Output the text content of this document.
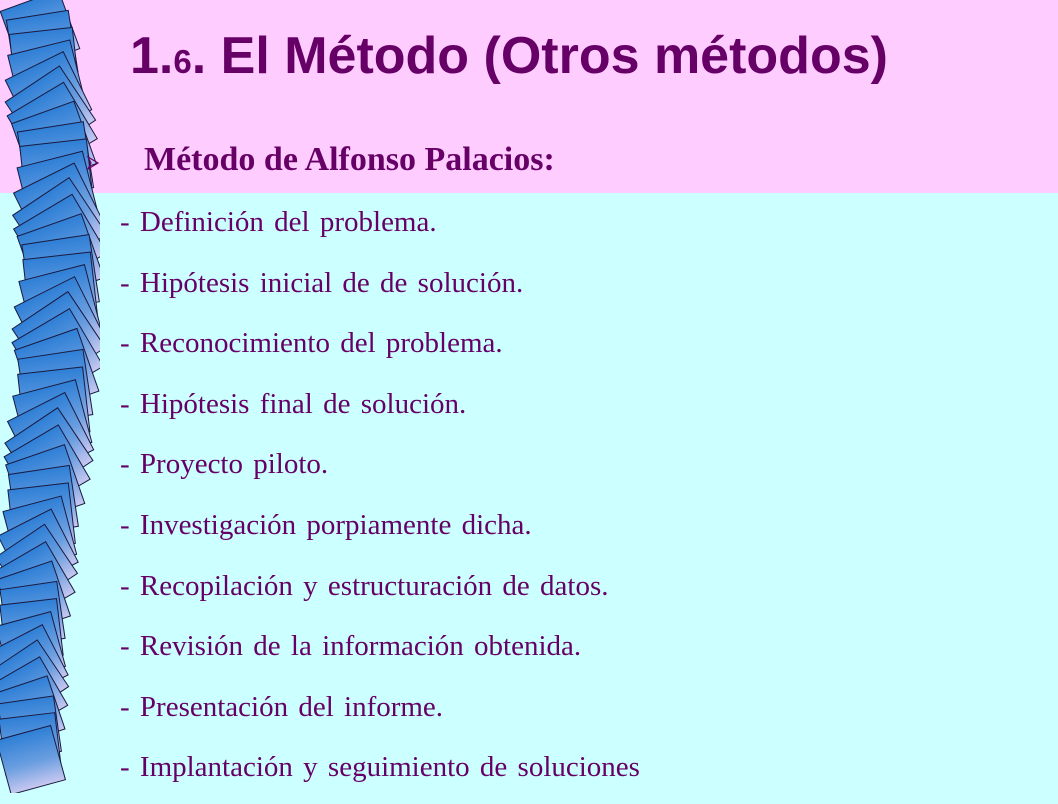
1.6. El Método (Otros métodos)
Método de Alfonso Palacios:
- Definición del problema.
- Hipótesis inicial de de solución.
- Reconocimiento del problema.
- Hipótesis final de solución.
- Proyecto piloto.
- Investigación porpiamente dicha.
- Recopilación y estructuración de datos.
- Revisión de la información obtenida.
- Presentación del informe.
- Implantación y seguimiento de soluciones
